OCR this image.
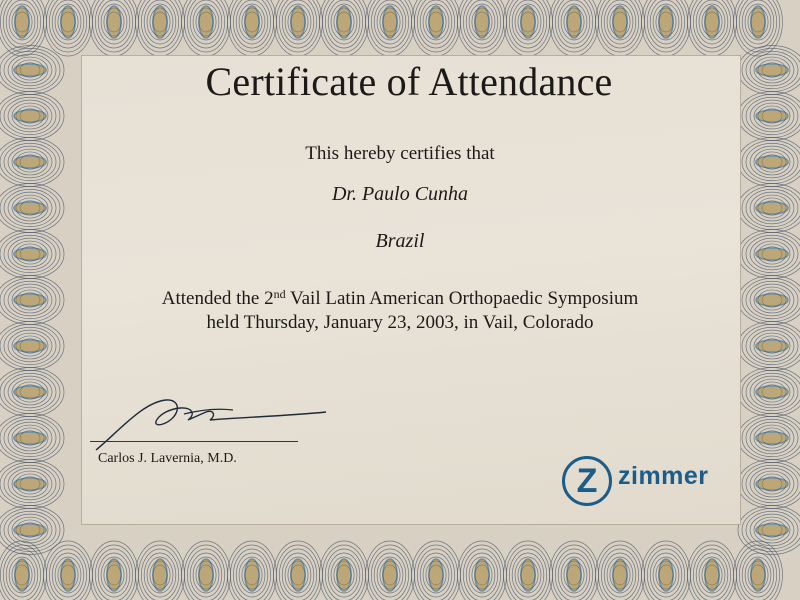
Certificate of Attendance
This hereby certifies that
Dr. Paulo Cunha
Brazil
Attended the 2nd Vail Latin American Orthopaedic Symposium
held Thursday, January 23, 2003, in Vail, Colorado
Carlos J. Lavernia, M.D.
Z zimmer
